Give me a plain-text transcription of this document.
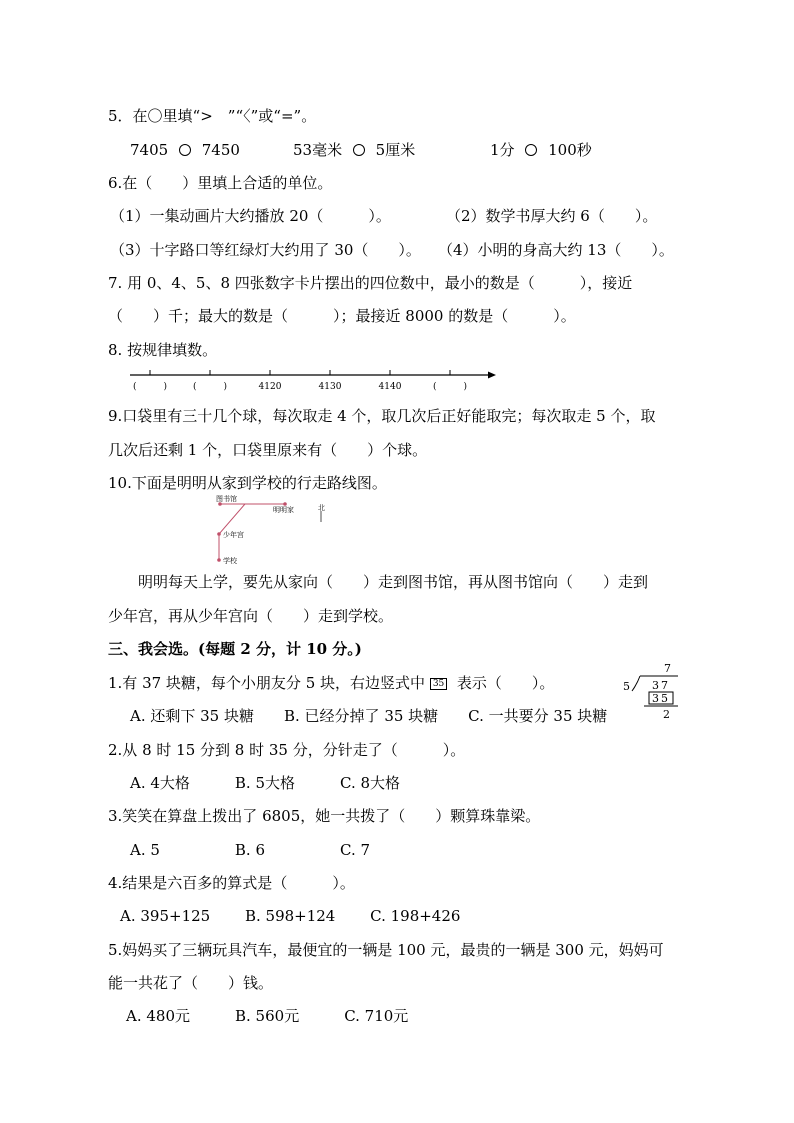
5．在〇里填“>　”“〈”或“=”。
7405 7450	53毫米 5厘米	1分 100秒
6.在（　　）里填上合适的单位。
（1）一集动画片大约播放 20（　　　）。	（2）数学书厚大约 6（　　）。
（3）十字路口等红绿灯大约用了 30（　　）。 （4）小明的身高大约 13（　　）。
7. 用 0、4、5、8 四张数字卡片摆出的四位数中，最小的数是（　　　），接近
（　　）千；最大的数是（　　　）；最接近 8000 的数是（　　　）。
8. 按规律填数。
(　　　)	(　　　)	4120	4130	4140	(　　　)
9.口袋里有三十几个球，每次取走 4 个，取几次后正好能取完；每次取走 5 个，取
几次后还剩 1 个，口袋里原来有（　　）个球。
10.下面是明明从家到学校的行走路线图。
图书馆
明明家
少年宫
学校
北
　　明明每天上学，要先从家向（　　）走到图书馆，再从图书馆向（　　）走到
少年宫，再从少年宫向（　　）走到学校。
三、我会选。(每题 2 分，计 10 分。)
1.有 37 块糖，每个小朋友分 5 块，右边竖式中 35 表示（　　）。
A. 还剩下 35 块糖　　B. 已经分掉了 35 块糖　　C. 一共要分 35 块糖
7
5 37
35
2
2.从 8 时 15 分到 8 时 35 分，分针走了（　　　）。
A. 4大格　　　B. 5大格　　　C. 8大格
3.笑笑在算盘上拨出了 6805，她一共拨了（　　）颗算珠靠梁。
A. 5　　　　　B. 6　　　　　C. 7
4.结果是六百多的算式是（　　　）。
A. 395+125　　 B. 598+124　　 C. 198+426
5.妈妈买了三辆玩具汽车，最便宜的一辆是 100 元，最贵的一辆是 300 元，妈妈可
能一共花了（　　）钱。
A. 480元　　　B. 560元　　　C. 710元
